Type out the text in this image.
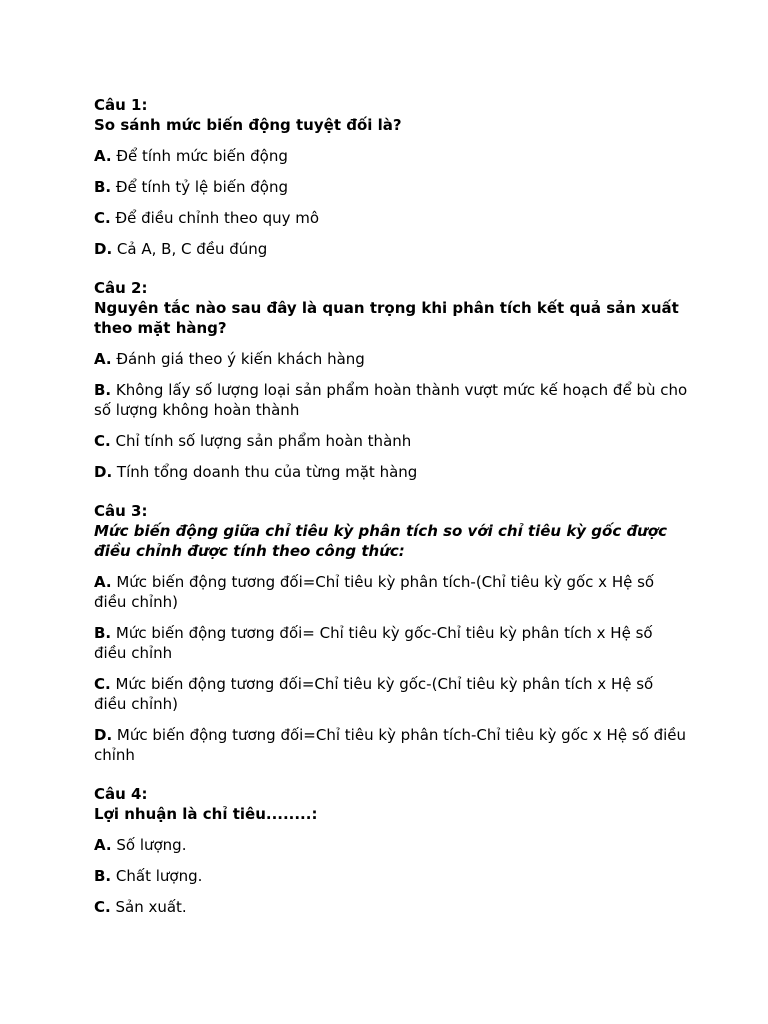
Câu 1:
So sánh mức biến động tuyệt đối là?
A. Để tính mức biến động
B. Để tính tỷ lệ biến động
C. Để điều chỉnh theo quy mô
D. Cả A, B, C đều đúng
Câu 2:
Nguyên tắc nào sau đây là quan trọng khi phân tích kết quả sản xuất theo mặt hàng?
A. Đánh giá theo ý kiến khách hàng
B. Không lấy số lượng loại sản phẩm hoàn thành vượt mức kế hoạch để bù cho số lượng không hoàn thành
C. Chỉ tính số lượng sản phẩm hoàn thành
D. Tính tổng doanh thu của từng mặt hàng
Câu 3:
Mức biến động giữa chỉ tiêu kỳ phân tích so với chỉ tiêu kỳ gốc được điều chỉnh được tính theo công thức:
A. Mức biến động tương đối=Chỉ tiêu kỳ phân tích-(Chỉ tiêu kỳ gốc x Hệ số điều chỉnh)
B. Mức biến động tương đối= Chỉ tiêu kỳ gốc-Chỉ tiêu kỳ phân tích x Hệ số điều chỉnh
C. Mức biến động tương đối=Chỉ tiêu kỳ gốc-(Chỉ tiêu kỳ phân tích x Hệ số điều chỉnh)
D. Mức biến động tương đối=Chỉ tiêu kỳ phân tích-Chỉ tiêu kỳ gốc x Hệ số điều chỉnh
Câu 4:
Lợi nhuận là chỉ tiêu........:
A. Số lượng.
B. Chất lượng.
C. Sản xuất.
